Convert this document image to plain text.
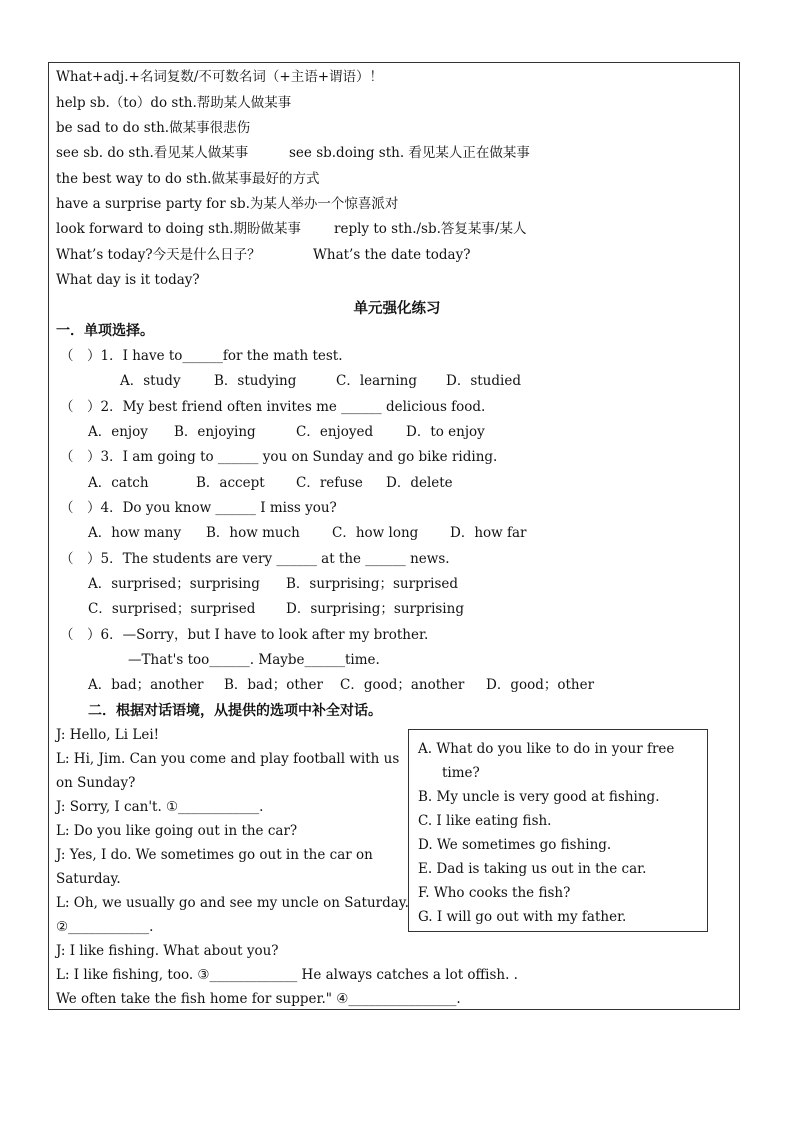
What+adj.+名词复数/不可数名词（+主语+谓语）！
help sb.（to）do sth.帮助某人做某事
be sad to do sth.做某事很悲伤
see sb. do sth.看见某人做某事	see sb.doing sth. 看见某人正在做某事
the best way to do sth.做某事最好的方式
have a surprise party for sb.为某人举办一个惊喜派对
look forward to doing sth.期盼做某事 reply to sth./sb.答复某事/某人
What’s today?今天是什么日子？	What’s the date today?
What day is it today?
单元强化练习
一．单项选择。
（　）1．I have to______for the math test.
A．study B．studying	C．learning D．studied
（　）2．My best friend often invites me ______ delicious food.
A．enjoy B．enjoying	C．enjoyed D．to enjoy
（　）3．I am going to ______ you on Sunday and go bike riding.
A．catch	B．accept C．refuse D．delete
（　）4．Do you know ______ I miss you?
A．how many B．how much C．how long D．how far
（　）5．The students are very ______ at the ______ news.
A．surprised；surprising B．surprising；surprised
C．surprised；surprised D．surprising；surprising
（　）6．—Sorry，but I have to look after my brother.
—That's too______. Maybe______time.
A．bad；another B．bad；other C．good；another D．good；other
二．根据对话语境，从提供的选项中补全对话。
J: Hello, Li Lei!
L: Hi, Jim. Can you come and play football with us
on Sunday?
J: Sorry, I can't. ①____________.
L: Do you like going out in the car?
J: Yes, I do. We sometimes go out in the car on
Saturday.
L: Oh, we usually go and see my uncle on Saturday.
②____________.
J: I like fishing. What about you?
L: I like fishing, too. ③_____________ He always catches a lot offish. .
We often take the fish home for supper." ④________________.
A. What do you like to do in your free
time?
B. My uncle is very good at fishing.
C. I like eating fish.
D. We sometimes go fishing.
E. Dad is taking us out in the car.
F. Who cooks the fish?
G. I will go out with my father.
